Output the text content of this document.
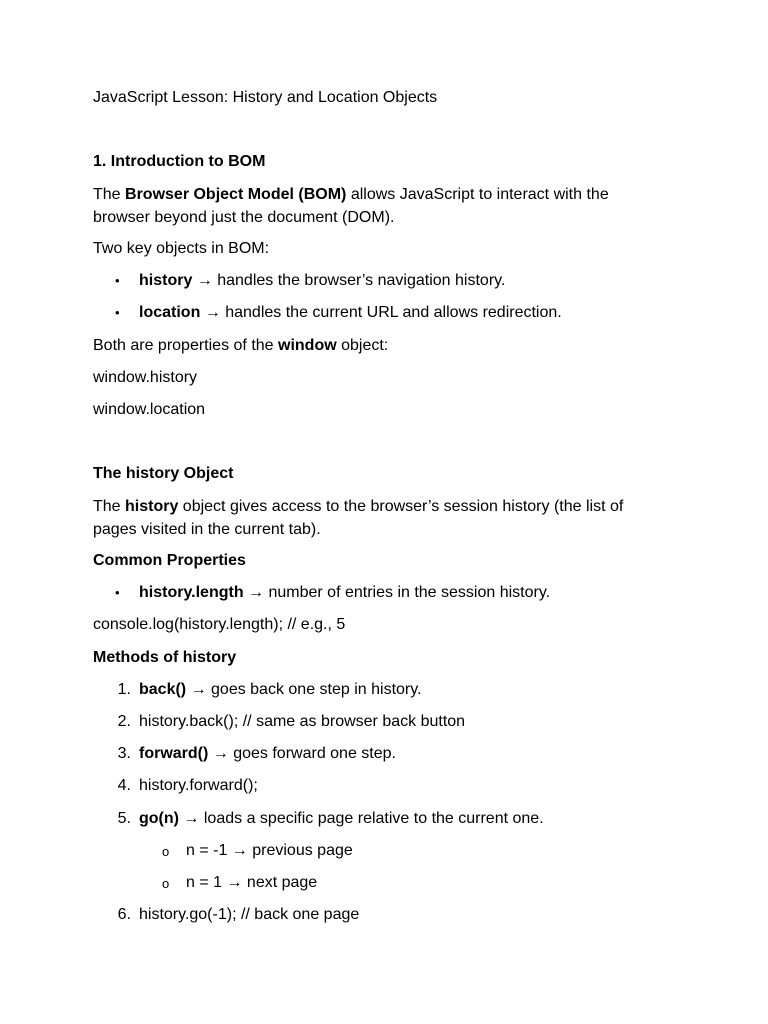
JavaScript Lesson: History and Location Objects
1. Introduction to BOM
The Browser Object Model (BOM) allows JavaScript to interact with the browser beyond just the document (DOM).
Two key objects in BOM:
• history → handles the browser’s navigation history.
• location → handles the current URL and allows redirection.
Both are properties of the window object:
window.history
window.location
The history Object
The history object gives access to the browser’s session history (the list of pages visited in the current tab).
Common Properties
• history.length → number of entries in the session history.
console.log(history.length); // e.g., 5
Methods of history
1. back() → goes back one step in history.
2. history.back(); // same as browser back button
3. forward() → goes forward one step.
4. history.forward();
5. go(n) → loads a specific page relative to the current one.
o n = -1 → previous page
o n = 1 → next page
6. history.go(-1); // back one page
